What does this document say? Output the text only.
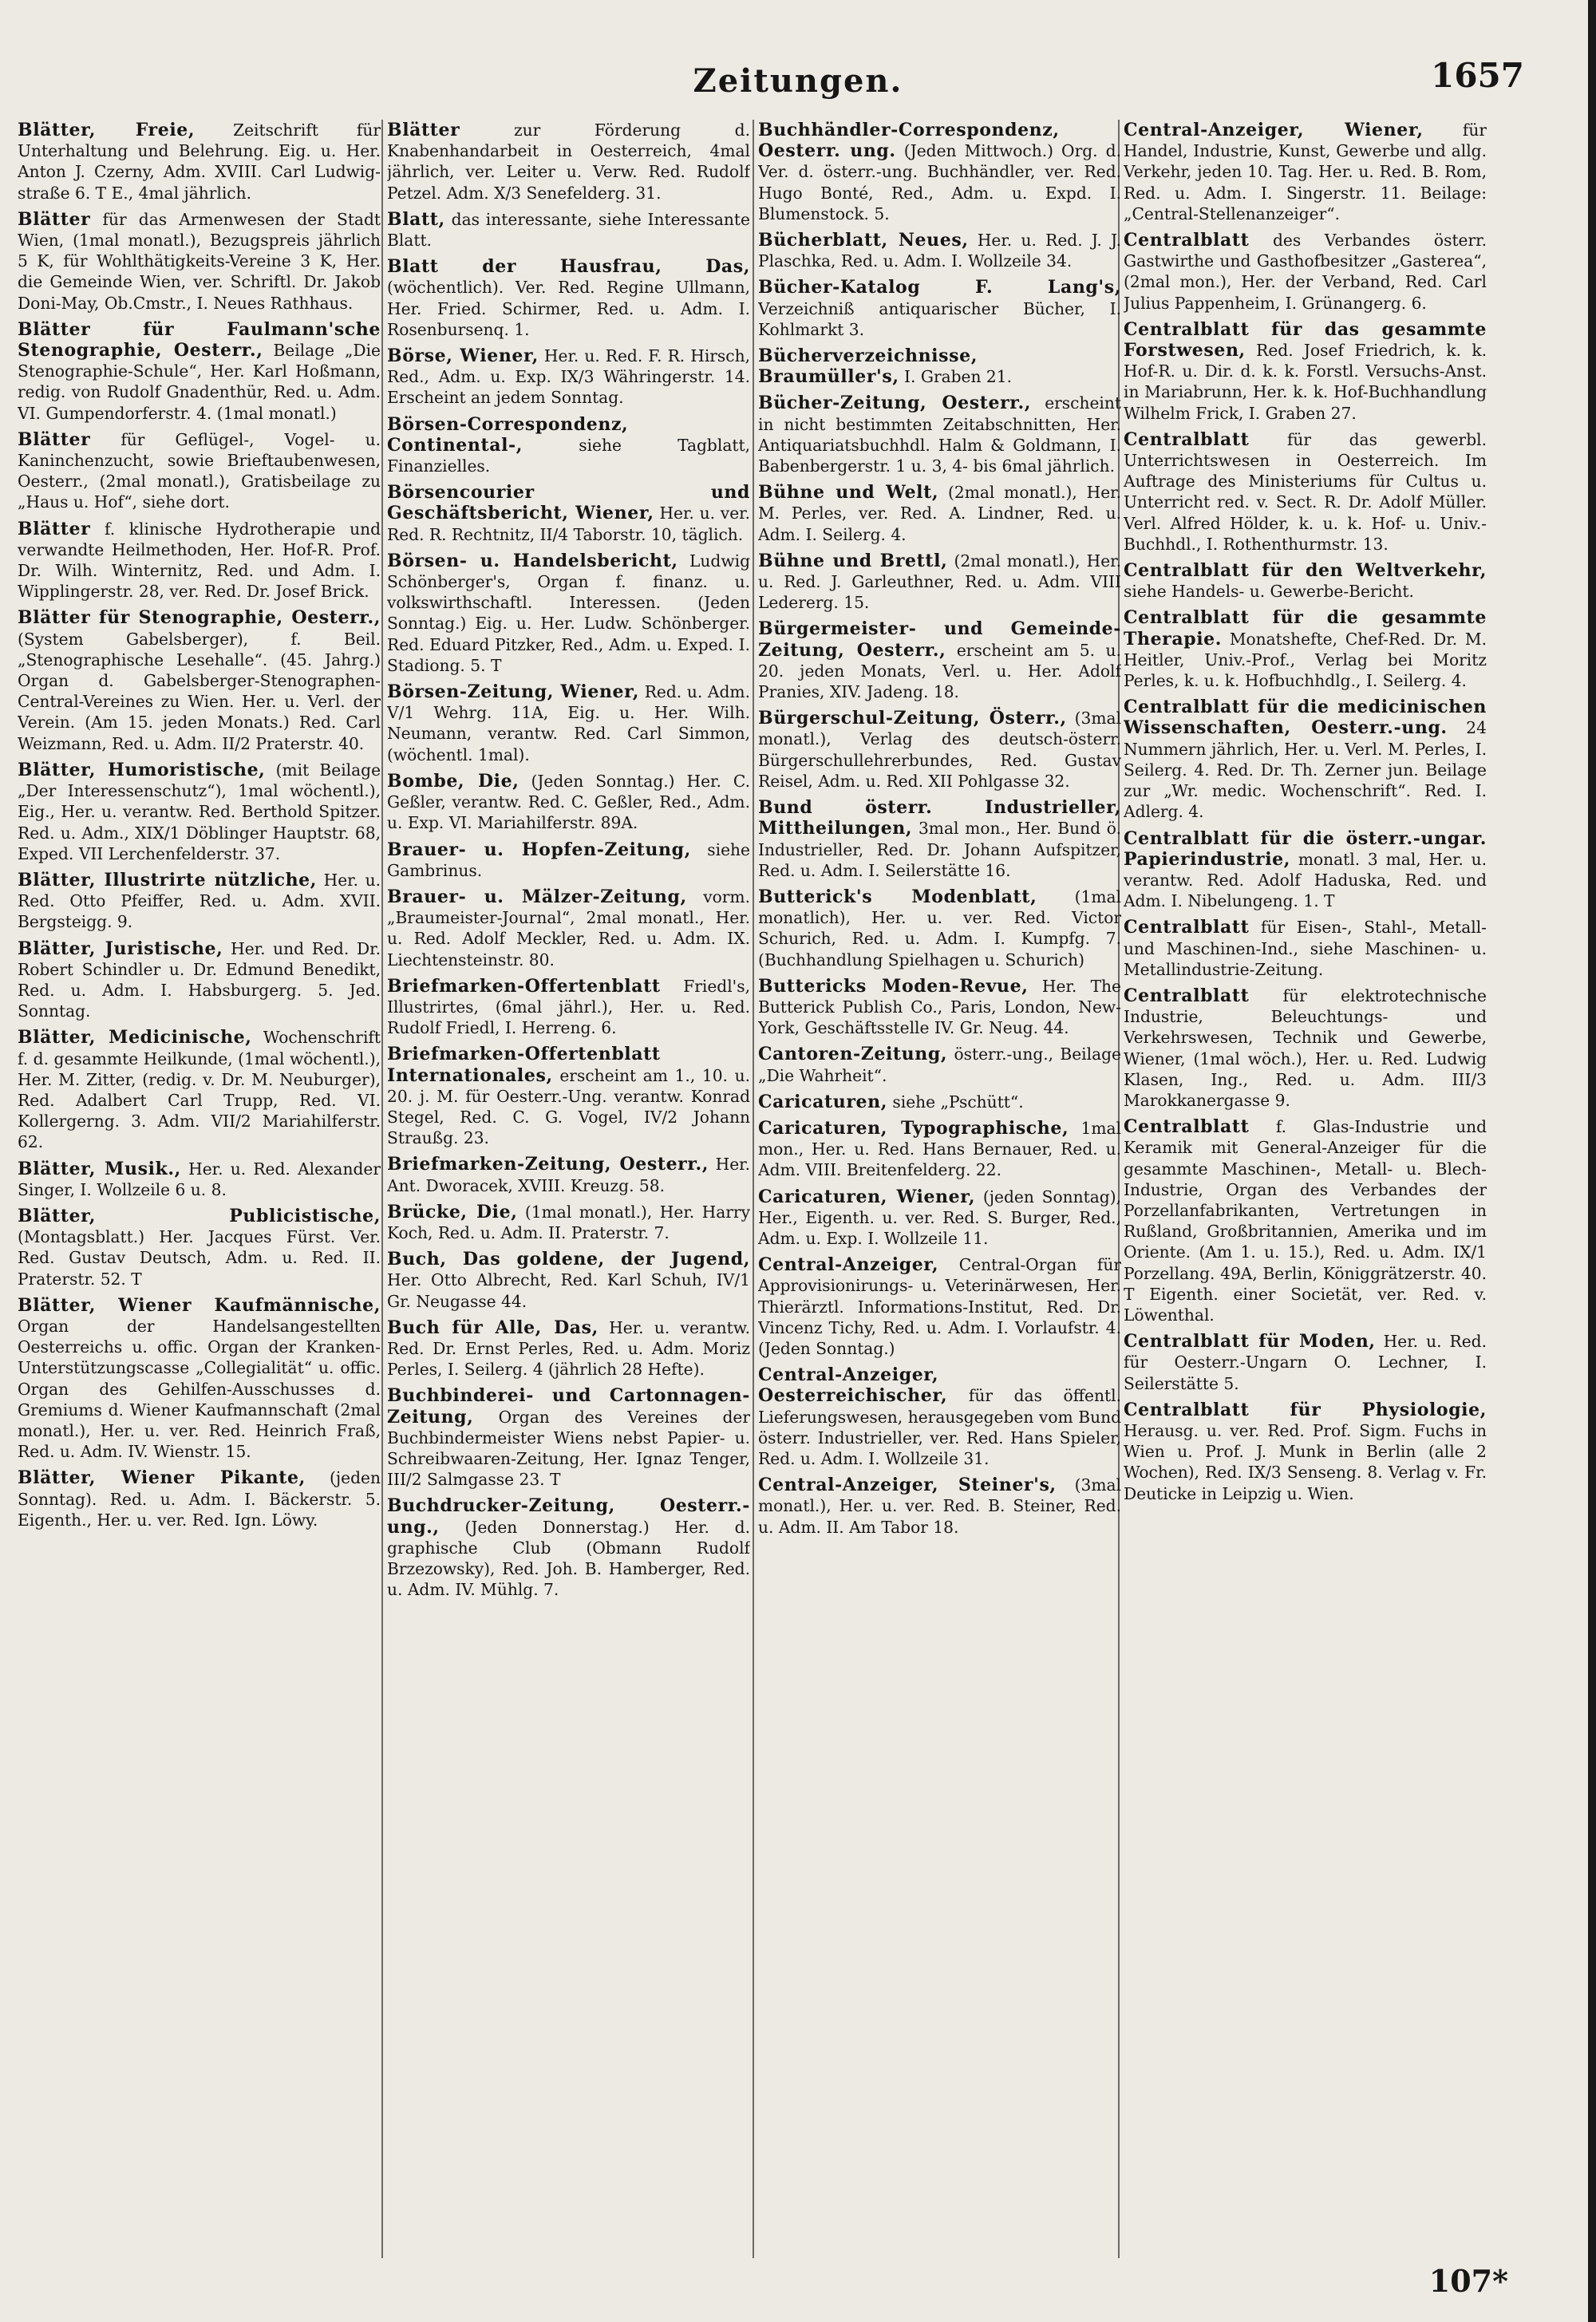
Zeitungen.	1657

Blätter, Freie, Zeitschrift für Unterhaltung und Belehrung. Eig. u. Her. Anton J. Czerny, Adm. XVIII. Carl Ludwig-straße 6. T E., 4mal jährlich.

Blätter für das Armenwesen der Stadt Wien, (1mal monatl.), Bezugspreis jährlich 5 K, für Wohlthätigkeits-Vereine 3 K, Her. die Gemeinde Wien, ver. Schriftl. Dr. Jakob Doni-May, Ob.Cmstr., I. Neues Rathhaus.

Blätter für Faulmann'sche Stenographie, Oesterr., Beilage „Die Stenographie-Schule“, Her. Karl Hoßmann, redig. von Rudolf Gnadenthür, Red. u. Adm. VI. Gumpendorferstr. 4. (1mal monatl.)

Blätter für Geflügel-, Vogel- u. Kaninchenzucht, sowie Brieftaubenwesen, Oesterr., (2mal monatl.), Gratisbeilage zu „Haus u. Hof“, siehe dort.

Blätter f. klinische Hydrotherapie und verwandte Heilmethoden, Her. Hof-R. Prof. Dr. Wilh. Winternitz, Red. und Adm. I. Wipplingerstr. 28, ver. Red. Dr. Josef Brick.

Blätter für Stenographie, Oesterr., (System Gabelsberger), f. Beil. „Stenographische Lesehalle“. (45. Jahrg.) Organ d. Gabelsberger-Stenographen-Central-Vereines zu Wien. Her. u. Verl. der Verein. (Am 15. jeden Monats.) Red. Carl Weizmann, Red. u. Adm. II/2 Praterstr. 40.

Blätter, Humoristische, (mit Beilage „Der Interessenschutz“), 1mal wöchentl.), Eig., Her. u. verantw. Red. Berthold Spitzer. Red. u. Adm., XIX/1 Döblinger Hauptstr. 68, Exped. VII Lerchenfelderstr. 37.

Blätter, Illustrirte nützliche, Her. u. Red. Otto Pfeiffer, Red. u. Adm. XVII. Bergsteigg. 9.

Blätter, Juristische, Her. und Red. Dr. Robert Schindler u. Dr. Edmund Benedikt, Red. u. Adm. I. Habsburgerg. 5. Jed. Sonntag.

Blätter, Medicinische, Wochenschrift f. d. gesammte Heilkunde, (1mal wöchentl.), Her. M. Zitter, (redig. v. Dr. M. Neuburger), Red. Adalbert Carl Trupp, Red. VI. Kollergerng. 3. Adm. VII/2 Mariahilferstr. 62.

Blätter, Musik., Her. u. Red. Alexander Singer, I. Wollzeile 6 u. 8.

Blätter, Publicistische, (Montagsblatt.) Her. Jacques Fürst. Ver. Red. Gustav Deutsch, Adm. u. Red. II. Praterstr. 52. T

Blätter, Wiener Kaufmännische, Organ der Handelsangestellten Oesterreichs u. offic. Organ der Kranken-Unterstützungscasse „Collegialität“ u. offic. Organ des Gehilfen-Ausschusses d. Gremiums d. Wiener Kaufmannschaft (2mal monatl.), Her. u. ver. Red. Heinrich Fraß, Red. u. Adm. IV. Wienstr. 15.

Blätter, Wiener Pikante, (jeden Sonntag). Red. u. Adm. I. Bäckerstr. 5. Eigenth., Her. u. ver. Red. Ign. Löwy.

Blätter	zur Förderung d. Knabenhandarbeit in Oesterreich, 4mal jährlich, ver. Leiter u. Verw. Red. Rudolf Petzel. Adm. X/3 Senefelderg. 31.

Blatt, das interessante, siehe Interessante Blatt.

Blatt der Hausfrau, Das, (wöchentlich). Ver. Red. Regine Ullmann, Her. Fried. Schirmer, Red. u. Adm. I. Rosenbursenq. 1.

Börse, Wiener, Her. u. Red. F. R. Hirsch, Red., Adm. u. Exp. IX/3 Währingerstr. 14. Erscheint an jedem Sonntag.

Börsen-Correspondenz, Continental-,	siehe Tagblatt, Finanzielles.

Börsencourier und Geschäftsbericht, Wiener, Her. u. ver. Red. R. Rechtnitz, II/4 Taborstr. 10, täglich.

Börsen- u. Handelsbericht, Ludwig Schönberger's, Organ f. finanz. u. volkswirthschaftl. Interessen. (Jeden Sonntag.) Eig. u. Her. Ludw. Schönberger. Red. Eduard Pitzker, Red., Adm. u. Exped. I. Stadiong. 5. T

Börsen-Zeitung, Wiener, Red. u. Adm. V/1 Wehrg. 11A, Eig. u. Her. Wilh. Neumann, verantw. Red. Carl Simmon, (wöchentl. 1mal).

Bombe, Die, (Jeden Sonntag.) Her. C. Geßler, verantw. Red. C. Geßler, Red., Adm. u. Exp. VI. Mariahilferstr. 89A.

Brauer- u. Hopfen-Zeitung, siehe Gambrinus.

Brauer- u. Mälzer-Zeitung, vorm. „Braumeister-Journal“, 2mal monatl., Her. u. Red. Adolf Meckler, Red. u. Adm. IX. Liechtensteinstr. 80.

Briefmarken-Offertenblatt Friedl's, Illustrirtes, (6mal jährl.), Her. u. Red. Rudolf Friedl, I. Herreng. 6.

Briefmarken-Offertenblatt Internationales, erscheint am 1., 10. u. 20. j. M. für Oesterr.-Ung. verantw. Konrad Stegel, Red. C. G. Vogel, IV/2 Johann Straußg. 23.

Briefmarken-Zeitung, Oesterr., Her. Ant. Dworacek, XVIII. Kreuzg. 58.

Brücke, Die, (1mal monatl.), Her. Harry Koch, Red. u. Adm. II. Praterstr. 7.

Buch, Das goldene, der Jugend, Her. Otto Albrecht, Red. Karl Schuh, IV/1 Gr. Neugasse 44.

Buch für Alle, Das, Her. u. verantw. Red. Dr. Ernst Perles, Red. u. Adm. Moriz Perles, I. Seilerg. 4 (jährlich 28 Hefte).

Buchbinderei- und Cartonnagen-Zeitung, Organ des Vereines der Buchbindermeister Wiens nebst Papier- u. Schreibwaaren-Zeitung, Her. Ignaz Tenger, III/2 Salmgasse 23. T

Buchdrucker-Zeitung, Oesterr.-ung., (Jeden Donnerstag.) Her. d. graphische Club (Obmann Rudolf Brzezowsky), Red. Joh. B. Hamberger, Red. u. Adm. IV. Mühlg. 7.

Buchhändler-Correspondenz, Oesterr. ung. (Jeden Mittwoch.) Org. d. Ver. d. österr.-ung. Buchhändler, ver. Red. Hugo Bonté, Red., Adm. u. Expd. I. Blumenstock. 5.

Bücherblatt, Neues, Her. u. Red. J. J. Plaschka, Red. u. Adm. I. Wollzeile 34.

Bücher-Katalog F. Lang's, Verzeichniß antiquarischer Bücher, I. Kohlmarkt 3.

Bücherverzeichnisse, Braumüller's, I. Graben 21.

Bücher-Zeitung, Oesterr., erscheint in nicht bestimmten Zeitabschnitten, Her. Antiquariatsbuchhdl. Halm & Goldmann, I. Babenbergerstr. 1 u. 3, 4- bis 6mal jährlich.

Bühne und Welt, (2mal monatl.), Her. M. Perles, ver. Red. A. Lindner, Red. u. Adm. I. Seilerg. 4.

Bühne und Brettl, (2mal monatl.), Her. u. Red. J. Garleuthner, Red. u. Adm. VIII Ledererg. 15.

Bürgermeister- und Gemeinde-Zeitung, Oesterr., erscheint am 5. u. 20. jeden Monats, Verl. u. Her. Adolf Pranies, XIV. Jadeng. 18.

Bürgerschul-Zeitung, Österr., (3mal monatl.), Verlag des deutsch-österr. Bürgerschullehrerbundes, Red. Gustav Reisel, Adm. u. Red. XII Pohlgasse 32.

Bund österr. Industrieller, Mittheilungen, 3mal mon., Her. Bund ö. Industrieller, Red. Dr. Johann Aufspitzer, Red. u. Adm. I. Seilerstätte 16.

Butterick's Modenblatt, (1mal monatlich), Her. u. ver. Red. Victor Schurich, Red. u. Adm. I. Kumpfg. 7. (Buchhandlung Spielhagen u. Schurich)

Buttericks Moden-Revue, Her. The Butterick Publish Co., Paris, London, New-York, Geschäftsstelle IV. Gr. Neug. 44.

Cantoren-Zeitung, österr.-ung., Beilage „Die Wahrheit“.

Caricaturen, siehe „Pschütt“.

Caricaturen, Typographische, 1mal mon., Her. u. Red. Hans Bernauer, Red. u. Adm. VIII. Breitenfelderg. 22.

Caricaturen, Wiener, (jeden Sonntag), Her., Eigenth. u. ver. Red. S. Burger, Red., Adm. u. Exp. I. Wollzeile 11.

Central-Anzeiger, Central-Organ für Approvisionirungs- u. Veterinärwesen, Her. Thierärztl. Informations-Institut, Red. Dr. Vincenz Tichy, Red. u. Adm. I. Vorlaufstr. 4. (Jeden Sonntag.)

Central-Anzeiger, Oesterreichischer, für das öffentl. Lieferungswesen, herausgegeben vom Bund österr. Industrieller, ver. Red. Hans Spieler, Red. u. Adm. I. Wollzeile 31.

Central-Anzeiger, Steiner's, (3mal monatl.), Her. u. ver. Red. B. Steiner, Red. u. Adm. II. Am Tabor 18.

Central-Anzeiger, Wiener, für Handel, Industrie, Kunst, Gewerbe und allg. Verkehr, jeden 10. Tag. Her. u. Red. B. Rom, Red. u. Adm. I. Singerstr. 11. Beilage: „Central-Stellenanzeiger“.

Centralblatt des Verbandes österr. Gastwirthe und Gasthofbesitzer „Gasterea“, (2mal mon.), Her. der Verband, Red. Carl Julius Pappenheim, I. Grünangerg. 6.

Centralblatt für das gesammte Forstwesen, Red. Josef Friedrich, k. k. Hof-R. u. Dir. d. k. k. Forstl. Versuchs-Anst. in Mariabrunn, Her. k. k. Hof-Buchhandlung Wilhelm Frick, I. Graben 27.

Centralblatt für das gewerbl. Unterrichtswesen in Oesterreich. Im Auftrage des Ministeriums für Cultus u. Unterricht red. v. Sect. R. Dr. Adolf Müller. Verl. Alfred Hölder, k. u. k. Hof- u. Univ.-Buchhdl., I. Rothenthurmstr. 13.

Centralblatt für den Weltverkehr, siehe Handels- u. Gewerbe-Bericht.

Centralblatt für die gesammte Therapie. Monatshefte, Chef-Red. Dr. M. Heitler, Univ.-Prof., Verlag bei Moritz Perles, k. u. k. Hofbuchhdlg., I. Seilerg. 4.

Centralblatt für die medicinischen Wissenschaften, Oesterr.-ung. 24 Nummern jährlich, Her. u. Verl. M. Perles, I. Seilerg. 4. Red. Dr. Th. Zerner jun. Beilage zur „Wr. medic. Wochenschrift“. Red. I. Adlerg. 4.

Centralblatt für die österr.-ungar. Papierindustrie, monatl. 3 mal, Her. u. verantw. Red. Adolf Haduska, Red. und Adm. I. Nibelungeng. 1. T

Centralblatt für Eisen-, Stahl-, Metall- und Maschinen-Ind., siehe Maschinen- u. Metallindustrie-Zeitung.

Centralblatt für elektrotechnische Industrie, Beleuchtungs- und Verkehrswesen, Technik und Gewerbe, Wiener, (1mal wöch.), Her. u. Red. Ludwig Klasen, Ing., Red. u. Adm. III/3 Marokkanergasse 9.

Centralblatt f. Glas-Industrie und Keramik mit General-Anzeiger für die gesammte Maschinen-, Metall- u. Blech-Industrie, Organ des Verbandes der Porzellanfabrikanten, Vertretungen in Rußland, Großbritannien, Amerika und im Oriente. (Am 1. u. 15.), Red. u. Adm. IX/1 Porzellang. 49A, Berlin, Königgrätzerstr. 40. T Eigenth. einer Societät, ver. Red. v. Löwenthal.

Centralblatt für Moden, Her. u. Red. für Oesterr.-Ungarn O. Lechner, I. Seilerstätte 5.

Centralblatt für Physiologie, Herausg. u. ver. Red. Prof. Sigm. Fuchs in Wien u. Prof. J. Munk in Berlin (alle 2 Wochen), Red. IX/3 Senseng. 8. Verlag v. Fr. Deuticke in Leipzig u. Wien.

107*
